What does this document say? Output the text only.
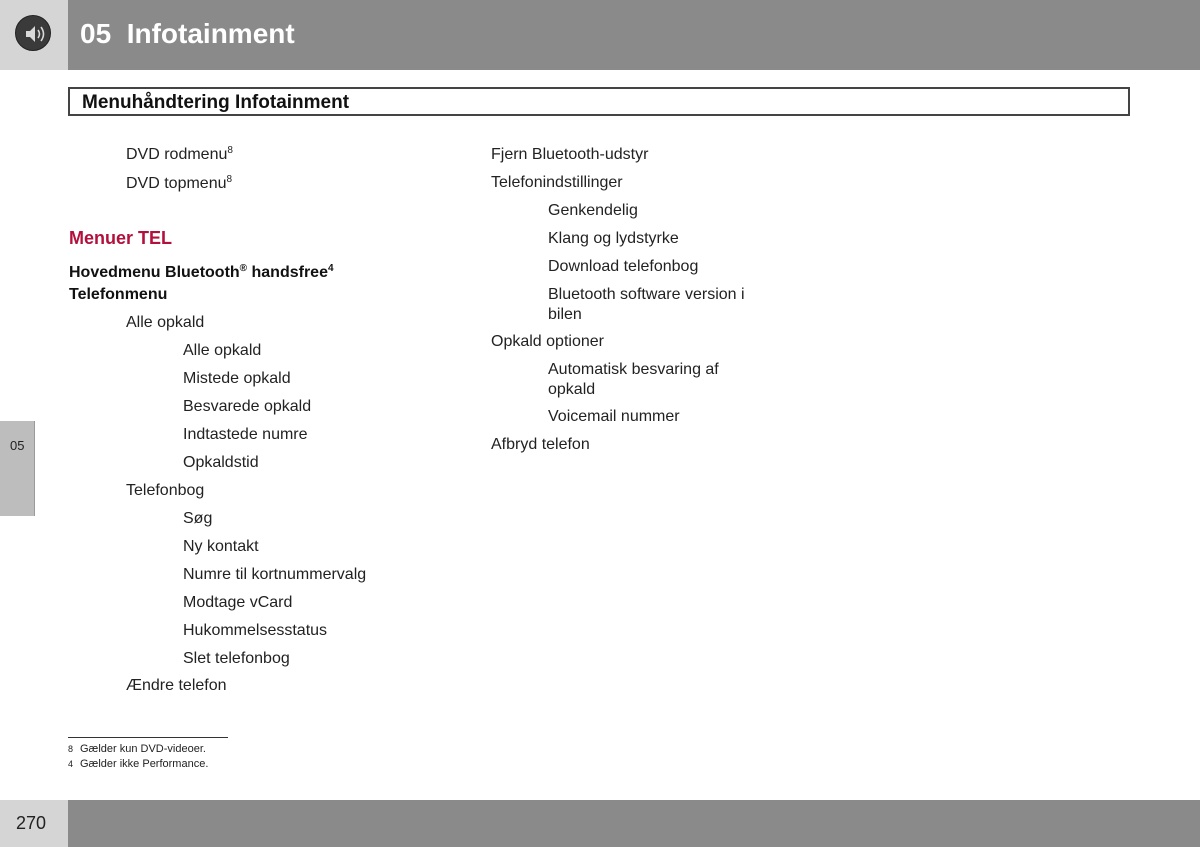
05  Infotainment
Menuhåndtering Infotainment
DVD rodmenu$^8$
DVD topmenu$^8$
Menuer TEL
Hovedmenu Bluetooth® handsfree$^4$
Telefonmenu
Alle opkald
Alle opkald
Mistede opkald
Besvarede opkald
Indtastede numre
Opkaldstid
Telefonbog
Søg
Ny kontakt
Numre til kortnummervalg
Modtage vCard
Hukommelsesstatus
Slet telefonbog
Ændre telefon
Fjern Bluetooth-udstyr
Telefonindstillinger
Genkendelig
Klang og lydstyrke
Download telefonbog
Bluetooth software version i bilen
Opkald optioner
Automatisk besvaring af opkald
Voicemail nummer
Afbryd telefon
05
8 Gælder kun DVD-videoer.
4 Gælder ikke Performance.
270
